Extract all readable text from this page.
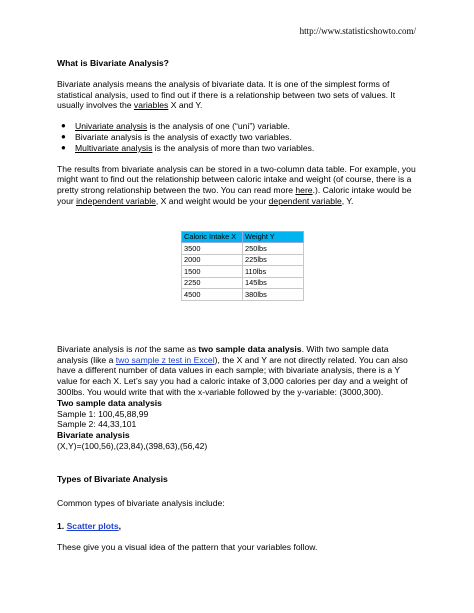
http://www.statisticshowto.com/

What is Bivariate Analysis?

Bivariate analysis means the analysis of bivariate data. It is one of the simplest forms of statistical analysis, used to find out if there is a relationship between two sets of values. It usually involves the variables X and Y.

● Univariate analysis is the analysis of one (“uni”) variable.
● Bivariate analysis is the analysis of exactly two variables.
● Multivariate analysis is the analysis of more than two variables.

The results from bivariate analysis can be stored in a two-column data table. For example, you might want to find out the relationship between caloric intake and weight (of course, there is a pretty strong relationship between the two. You can read more here.). Caloric intake would be your independent variable, X and weight would be your dependent variable, Y.

Caloric Intake X	Weight Y
3500	250lbs
2000	225lbs
1500	110lbs
2250	145lbs
4500	380lbs

Bivariate analysis is not the same as two sample data analysis. With two sample data analysis (like a two sample z test in Excel), the X and Y are not directly related. You can also have a different number of data values in each sample; with bivariate analysis, there is a Y value for each X. Let’s say you had a caloric intake of 3,000 calories per day and a weight of 300lbs. You would write that with the x-variable followed by the y-variable: (3000,300).

Two sample data analysis
Sample 1: 100,45,88,99
Sample 2: 44,33,101
Bivariate analysis
(X,Y)=(100,56),(23,84),(398,63),(56,42)

Types of Bivariate Analysis

Common types of bivariate analysis include:

1. Scatter plots,

These give you a visual idea of the pattern that your variables follow.
